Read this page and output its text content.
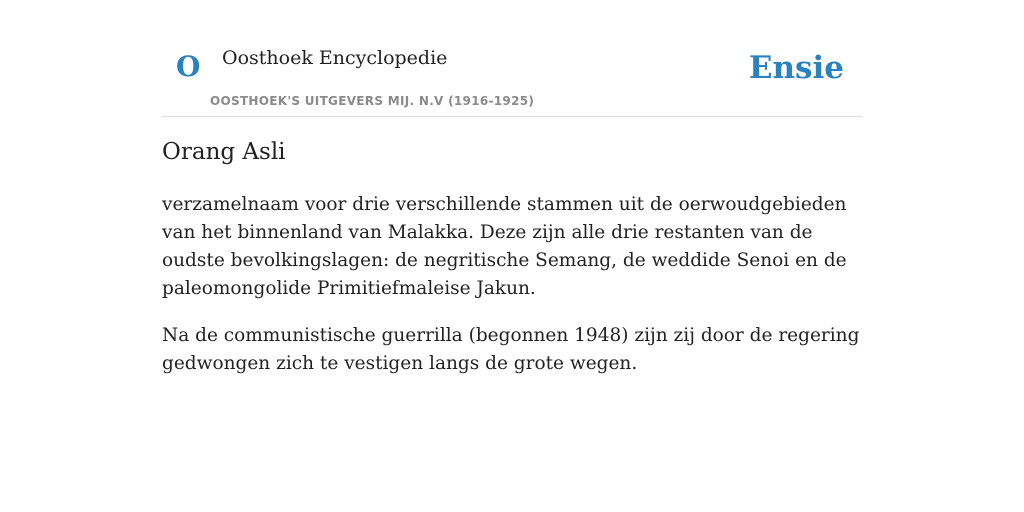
O Oosthoek Encyclopedie
OOSTHOEK'S UITGEVERS MIJ. N.V (1916-1925)
Ensie
Orang Asli

verzamelnaam voor drie verschillende stammen uit de oerwoudgebieden van het binnenland van Malakka. Deze zijn alle drie restanten van de oudste bevolkingslagen: de negritische Semang, de weddide Senoi en de paleomongolide Primitiefmaleise Jakun.

Na de communistische guerrilla (begonnen 1948) zijn zij door de regering gedwongen zich te vestigen langs de grote wegen.
